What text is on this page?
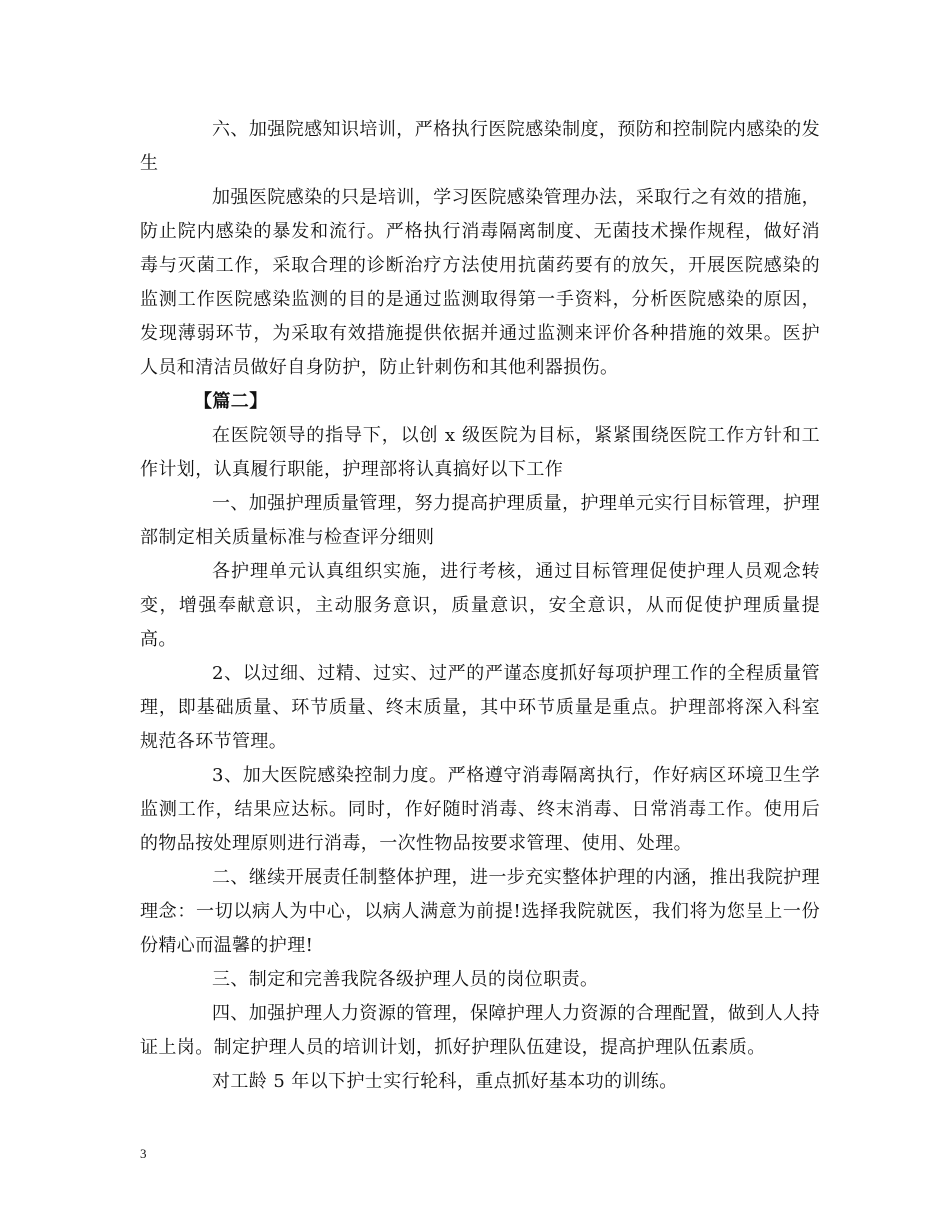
六、加强院感知识培训，严格执行医院感染制度，预防和控制院内感染的发生

加强医院感染的只是培训，学习医院感染管理办法，采取行之有效的措施，防止院内感染的暴发和流行。严格执行消毒隔离制度、无菌技术操作规程，做好消毒与灭菌工作，采取合理的诊断治疗方法使用抗菌药要有的放矢，开展医院感染的监测工作医院感染监测的目的是通过监测取得第一手资料，分析医院感染的原因，发现薄弱环节，为采取有效措施提供依据并通过监测来评价各种措施的效果。医护人员和清洁员做好自身防护，防止针刺伤和其他利器损伤。

【篇二】

在医院领导的指导下，以创 x 级医院为目标，紧紧围绕医院工作方针和工作计划，认真履行职能，护理部将认真搞好以下工作

一、加强护理质量管理，努力提高护理质量，护理单元实行目标管理，护理部制定相关质量标准与检查评分细则

各护理单元认真组织实施，进行考核，通过目标管理促使护理人员观念转变，增强奉献意识，主动服务意识，质量意识，安全意识，从而促使护理质量提高。

2、以过细、过精、过实、过严的严谨态度抓好每项护理工作的全程质量管理，即基础质量、环节质量、终末质量，其中环节质量是重点。护理部将深入科室规范各环节管理。

3、加大医院感染控制力度。严格遵守消毒隔离执行，作好病区环境卫生学监测工作，结果应达标。同时，作好随时消毒、终末消毒、日常消毒工作。使用后的物品按处理原则进行消毒，一次性物品按要求管理、使用、处理。

二、继续开展责任制整体护理，进一步充实整体护理的内涵，推出我院护理理念：一切以病人为中心，以病人满意为前提!选择我院就医，我们将为您呈上一份份精心而温馨的护理!

三、制定和完善我院各级护理人员的岗位职责。

四、加强护理人力资源的管理，保障护理人力资源的合理配置，做到人人持证上岗。制定护理人员的培训计划，抓好护理队伍建设，提高护理队伍素质。

对工龄 5 年以下护士实行轮科，重点抓好基本功的训练。

3
